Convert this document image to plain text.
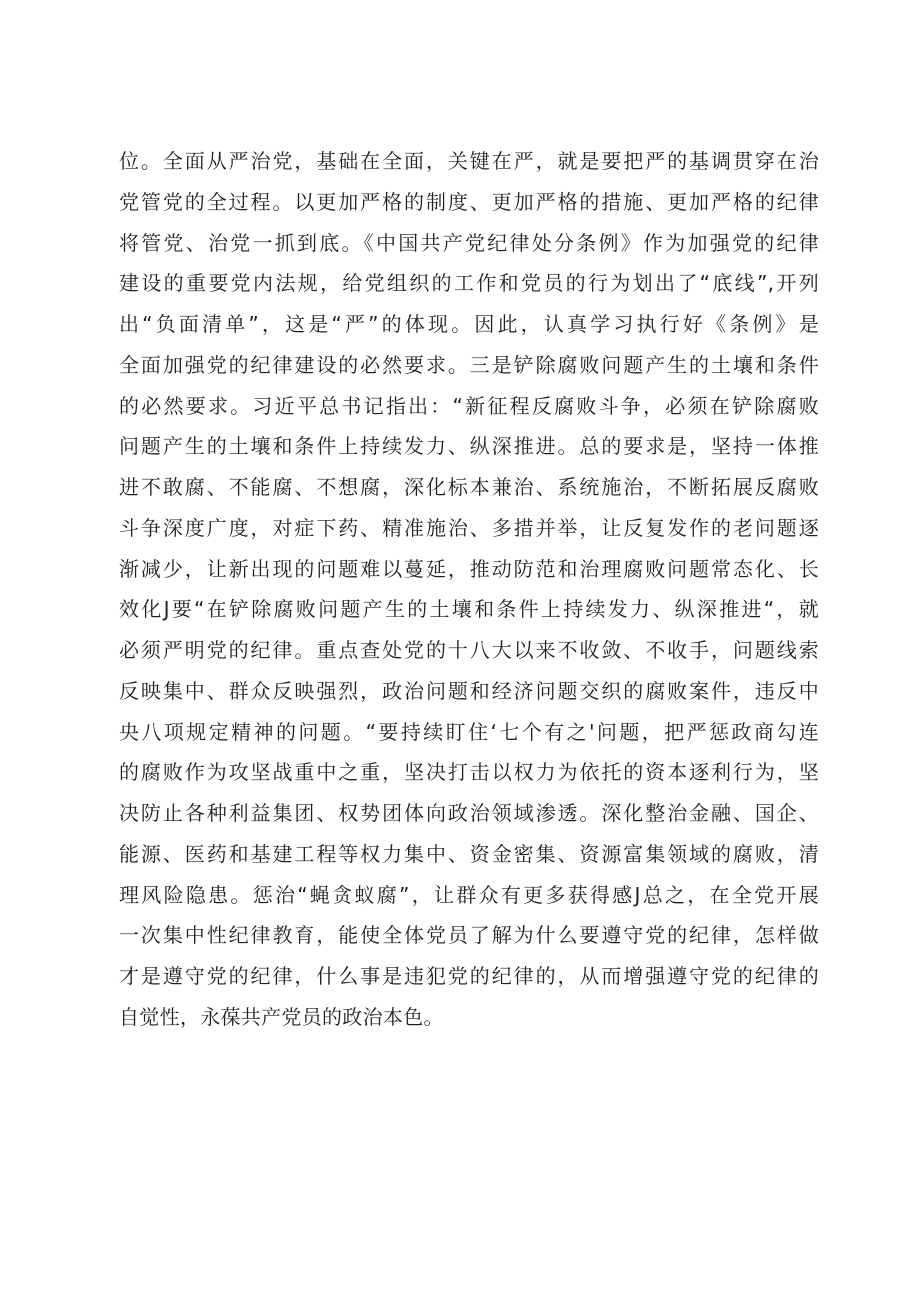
位。全面从严治党，基础在全面，关键在严，就是要把严的基调贯穿在治
党管党的全过程。以更加严格的制度、更加严格的措施、更加严格的纪律
将管党、治党一抓到底。《中国共产党纪律处分条例》作为加强党的纪律
建设的重要党内法规，给党组织的工作和党员的行为划出了“底线”,开列
出“负面清单”，这是“严”的体现。因此，认真学习执行好《条例》是
全面加强党的纪律建设的必然要求。三是铲除腐败问题产生的土壤和条件
的必然要求。习近平总书记指出：“新征程反腐败斗争，必须在铲除腐败
问题产生的土壤和条件上持续发力、纵深推进。总的要求是，坚持一体推
进不敢腐、不能腐、不想腐，深化标本兼治、系统施治，不断拓展反腐败
斗争深度广度，对症下药、精准施治、多措并举，让反复发作的老问题逐
渐减少，让新出现的问题难以蔓延，推动防范和治理腐败问题常态化、长
效化J要“在铲除腐败问题产生的土壤和条件上持续发力、纵深推进“，就
必须严明党的纪律。重点查处党的十八大以来不收敛、不收手，问题线索
反映集中、群众反映强烈，政治问题和经济问题交织的腐败案件，违反中
央八项规定精神的问题。“要持续盯住‘七个有之'问题，把严惩政商勾连
的腐败作为攻坚战重中之重，坚决打击以权力为依托的资本逐利行为，坚
决防止各种利益集团、权势团体向政治领域渗透。深化整治金融、国企、
能源、医药和基建工程等权力集中、资金密集、资源富集领域的腐败，清
理风险隐患。惩治“蝇贪蚁腐”，让群众有更多获得感J总之，在全党开展
一次集中性纪律教育，能使全体党员了解为什么要遵守党的纪律，怎样做
才是遵守党的纪律，什么事是违犯党的纪律的，从而增强遵守党的纪律的
自觉性，永葆共产党员的政治本色。
